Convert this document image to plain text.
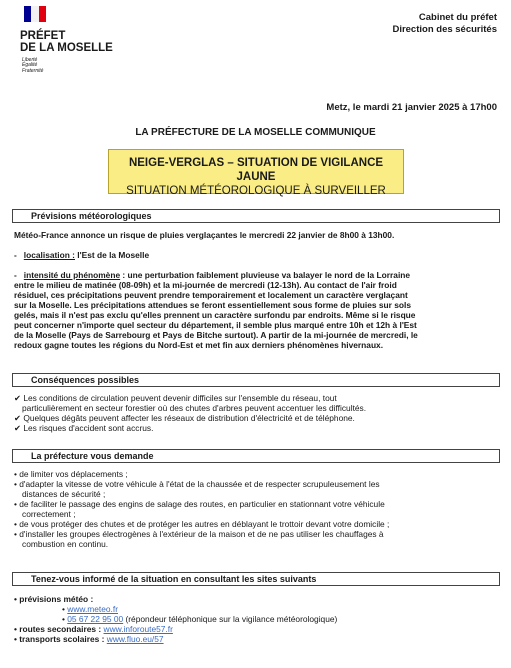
PRÉFET
DE LA MOSELLE
Liberté
Égalité
Fraternité
Cabinet du préfet
Direction des sécurités
Metz, le mardi 21 janvier 2025 à 17h00
LA PRÉFECTURE DE LA MOSELLE COMMUNIQUE
NEIGE-VERGLAS – SITUATION DE VIGILANCE JAUNE
SITUATION MÉTÉOROLOGIQUE À SURVEILLER
Prévisions météorologiques
Météo-France annonce un risque de pluies verglaçantes le mercredi 22 janvier de 8h00 à 13h00.
-   localisation : l'Est de la Moselle

-   intensité du phénomène : une perturbation faiblement pluvieuse va balayer le nord de la Lorraine

entre le milieu de matinée (08-09h) et la mi-journée de mercredi (12-13h). Au contact de l'air froid

résiduel, ces précipitations peuvent prendre temporairement et localement un caractère verglaçant

sur la Moselle. Les précipitations attendues se feront essentiellement sous forme de pluies sur sols

gelés, mais il n'est pas exclu qu'elles prennent un caractère surfondu par endroits. Même si le risque

peut concerner n'importe quel secteur du département, il semble plus marqué entre 10h et 12h à l'Est

de la Moselle (Pays de Sarrebourg et Pays de Bitche surtout). A partir de la mi-journée de mercredi, le

redoux gagne toutes les régions du Nord-Est et met fin aux derniers phénomènes hivernaux.

Conséquences possibles

✔ Les conditions de circulation peuvent devenir difficiles sur l'ensemble du réseau, tout

particulièrement en secteur forestier où des chutes d'arbres peuvent accentuer les difficultés.

✔ Quelques dégâts peuvent affecter les réseaux de distribution d'électricité et de téléphone.

✔ Les risques d'accident sont accrus.

La préfecture vous demande

• de limiter vos déplacements ;

• d'adapter la vitesse de votre véhicule à l'état de la chaussée et de respecter scrupuleusement les

distances de sécurité ;

• de faciliter le passage des engins de salage des routes, en particulier en stationnant votre véhicule

correctement ;

• de vous protéger des chutes et de protéger les autres en déblayant le trottoir devant votre domicile ;

• d'installer les groupes électrogènes à l'extérieur de la maison et de ne pas utiliser les chauffages à

combustion en continu.

Tenez-vous informé de la situation en consultant les sites suivants

• prévisions météo :

• www.meteo.fr

• 05 67 22 95 00 (répondeur téléphonique sur la vigilance météorologique)

• routes secondaires : www.inforoute57.fr

• transports scolaires : www.fluo.eu/57
